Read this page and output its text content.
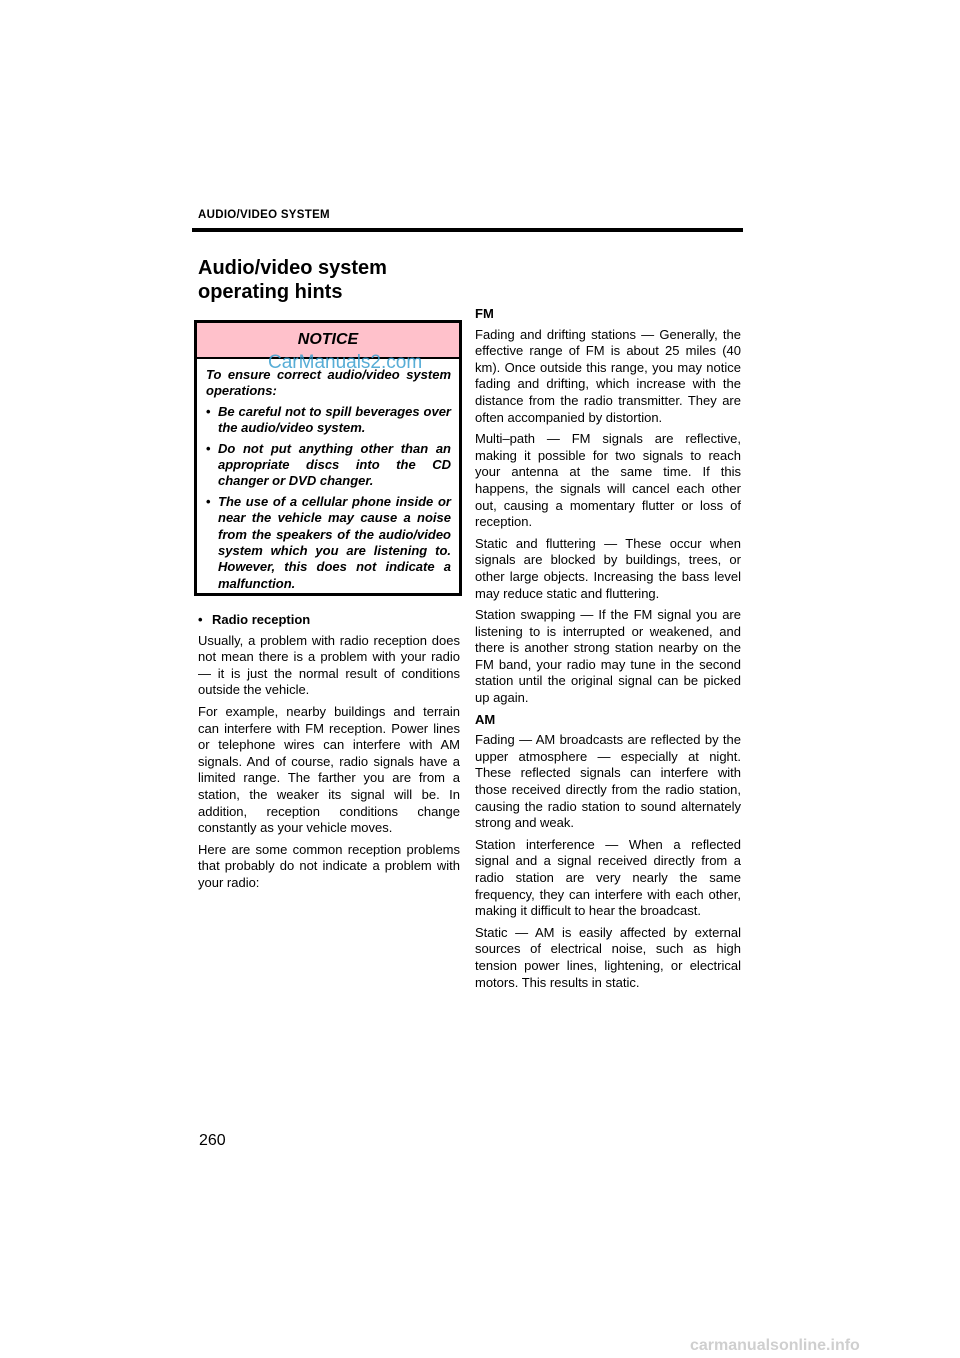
AUDIO/VIDEO SYSTEM
Audio/video system
operating hints
NOTICE

To ensure correct audio/video system operations:

• Be careful not to spill beverages over the audio/video system.

• Do not put anything other than an appropriate discs into the CD changer or DVD changer.

• The use of a cellular phone inside or near the vehicle may cause a noise from the speakers of the audio/video system which you are listening to. However, this does not indicate a malfunction.

CarManuals2.com

• Radio reception

Usually, a problem with radio reception does not mean there is a problem with your radio — it is just the normal result of conditions outside the vehicle.

For example, nearby buildings and terrain can interfere with FM reception. Power lines or telephone wires can interfere with AM signals. And of course, radio signals have a limited range. The farther you are from a station, the weaker its signal will be. In addition, reception conditions change constantly as your vehicle moves.

Here are some common reception problems that probably do not indicate a problem with your radio:

FM

Fading and drifting stations — Generally, the effective range of FM is about 25 miles (40 km). Once outside this range, you may notice fading and drifting, which increase with the distance from the radio transmitter. They are often accompanied by distortion.

Multi–path — FM signals are reflective, making it possible for two signals to reach your antenna at the same time. If this happens, the signals will cancel each other out, causing a momentary flutter or loss of reception.

Static and fluttering — These occur when signals are blocked by buildings, trees, or other large objects. Increasing the bass level may reduce static and fluttering.

Station swapping — If the FM signal you are listening to is interrupted or weakened, and there is another strong station nearby on the FM band, your radio may tune in the second station until the original signal can be picked up again.

AM

Fading — AM broadcasts are reflected by the upper atmosphere — especially at night. These reflected signals can interfere with those received directly from the radio station, causing the radio station to sound alternately strong and weak.

Station interference — When a reflected signal and a signal received directly from a radio station are very nearly the same frequency, they can interfere with each other, making it difficult to hear the broadcast.

Static — AM is easily affected by external sources of electrical noise, such as high tension power lines, lightening, or electrical motors. This results in static.

260
carmanualsonline.info
